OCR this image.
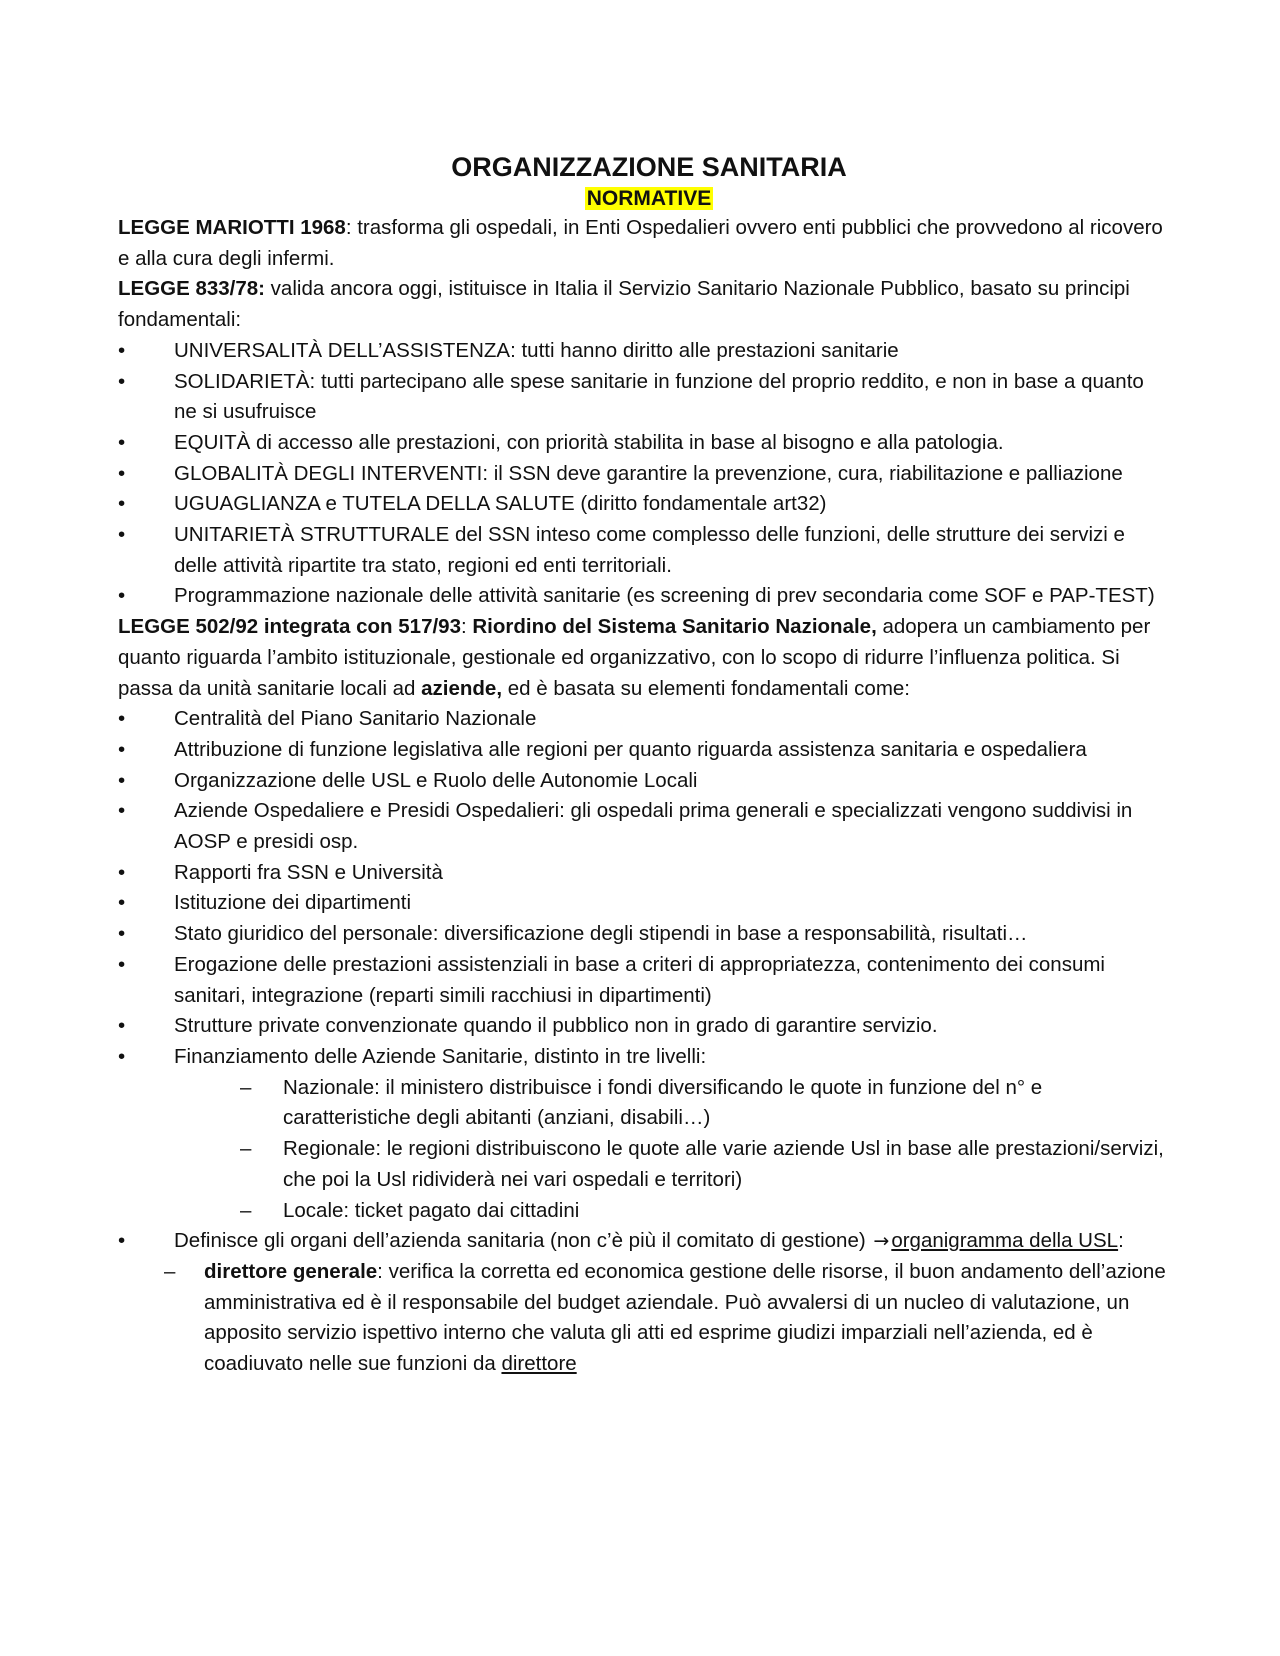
ORGANIZZAZIONE SANITARIA

NORMATIVE

LEGGE MARIOTTI 1968: trasforma gli ospedali, in Enti Ospedalieri ovvero enti pubblici che provvedono al ricovero e alla cura degli infermi.

LEGGE 833/78: valida ancora oggi, istituisce in Italia il Servizio Sanitario Nazionale Pubblico, basato su principi fondamentali:

• UNIVERSALITÀ DELL’ASSISTENZA: tutti hanno diritto alle prestazioni sanitarie
• SOLIDARIETÀ: tutti partecipano alle spese sanitarie in funzione del proprio reddito, e non in base a quanto ne si usufruisce
• EQUITÀ di accesso alle prestazioni, con priorità stabilita in base al bisogno e alla patologia.
• GLOBALITÀ DEGLI INTERVENTI: il SSN deve garantire la prevenzione, cura, riabilitazione e palliazione
• UGUAGLIANZA e TUTELA DELLA SALUTE (diritto fondamentale art32)
• UNITARIETÀ STRUTTURALE del SSN inteso come complesso delle funzioni, delle strutture dei servizi e delle attività ripartite tra stato, regioni ed enti territoriali.
• Programmazione nazionale delle attività sanitarie (es screening di prev secondaria come SOF e PAP-TEST)

LEGGE 502/92 integrata con 517/93: Riordino del Sistema Sanitario Nazionale, adopera un cambiamento per quanto riguarda l’ambito istituzionale, gestionale ed organizzativo, con lo scopo di ridurre l’influenza politica. Si passa da unità sanitarie locali ad aziende, ed è basata su elementi fondamentali come:

• Centralità del Piano Sanitario Nazionale
• Attribuzione di funzione legislativa alle regioni per quanto riguarda assistenza sanitaria e ospedaliera
• Organizzazione delle USL e Ruolo delle Autonomie Locali
• Aziende Ospedaliere e Presidi Ospedalieri: gli ospedali prima generali e specializzati vengono suddivisi in AOSP e presidi osp.
• Rapporti fra SSN e Università
• Istituzione dei dipartimenti
• Stato giuridico del personale: diversificazione degli stipendi in base a responsabilità, risultati…
• Erogazione delle prestazioni assistenziali in base a criteri di appropriatezza, contenimento dei consumi sanitari, integrazione (reparti simili racchiusi in dipartimenti)
• Strutture private convenzionate quando il pubblico non in grado di garantire servizio.
• Finanziamento delle Aziende Sanitarie, distinto in tre livelli:
– Nazionale: il ministero distribuisce i fondi diversificando le quote in funzione del n° e caratteristiche degli abitanti (anziani, disabili…)
– Regionale: le regioni distribuiscono le quote alle varie aziende Usl in base alle prestazioni/servizi, che poi la Usl ridividerà nei vari ospedali e territori)
– Locale: ticket pagato dai cittadini
• Definisce gli organi dell’azienda sanitaria (non c’è più il comitato di gestione) →organigramma della USL:
– direttore generale: verifica la corretta ed economica gestione delle risorse, il buon andamento dell’azione amministrativa ed è il responsabile del budget aziendale. Può avvalersi di un nucleo di valutazione, un apposito servizio ispettivo interno che valuta gli atti ed esprime giudizi imparziali nell’azienda, ed è coadiuvato nelle sue funzioni da direttore
